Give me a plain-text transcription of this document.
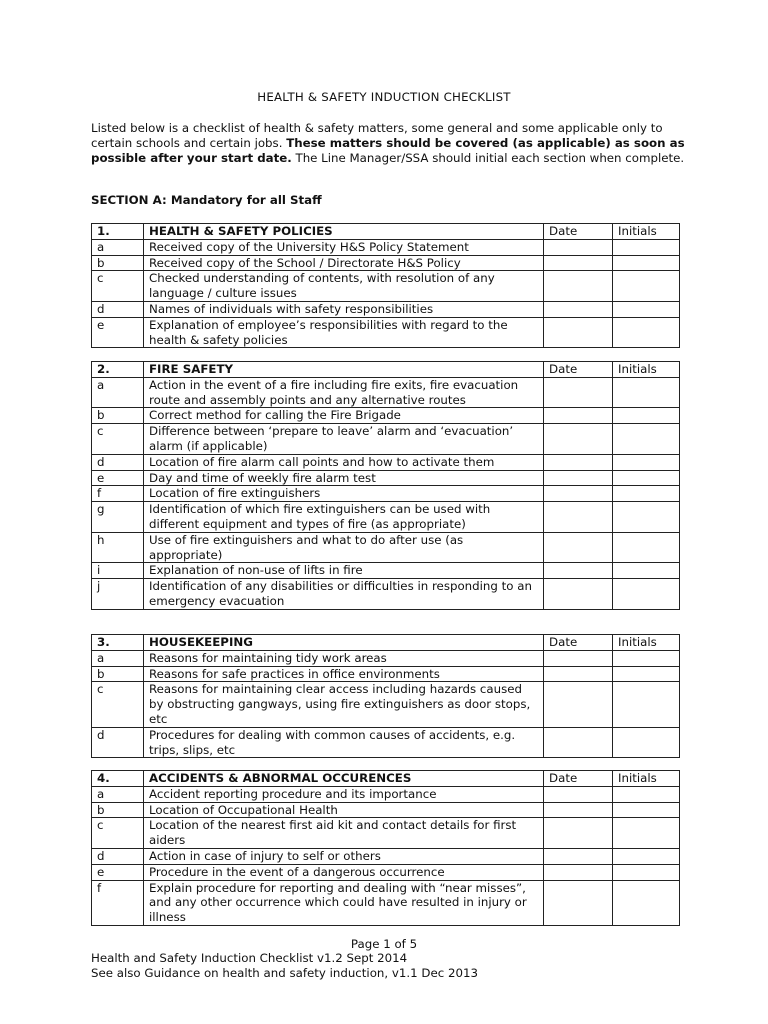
HEALTH & SAFETY INDUCTION CHECKLIST
Listed below is a checklist of health & safety matters, some general and some applicable only to certain schools and certain jobs. These matters should be covered (as applicable) as soon as possible after your start date. The Line Manager/SSA should initial each section when complete.
SECTION A: Mandatory for all Staff
1.	HEALTH & SAFETY POLICIES	Date	Initials
a	Received copy of the University H&S Policy Statement		
b	Received copy of the School / Directorate H&S Policy		
c	Checked understanding of contents, with resolution of any language / culture issues		
d	Names of individuals with safety responsibilities		
e	Explanation of employee’s responsibilities with regard to the health & safety policies		
2.	FIRE SAFETY	Date	Initials
a	Action in the event of a fire including fire exits, fire evacuation route and assembly points and any alternative routes		
b	Correct method for calling the Fire Brigade		
c	Difference between ‘prepare to leave’ alarm and ‘evacuation’ alarm (if applicable)		
d	Location of fire alarm call points and how to activate them		
e	Day and time of weekly fire alarm test		
f	Location of fire extinguishers		
g	Identification of which fire extinguishers can be used with different equipment and types of fire (as appropriate)		
h	Use of fire extinguishers and what to do after use (as appropriate)		
i	Explanation of non-use of lifts in fire		
j	Identification of any disabilities or difficulties in responding to an emergency evacuation		
3.	HOUSEKEEPING	Date	Initials
a	Reasons for maintaining tidy work areas		
b	Reasons for safe practices in office environments		
c	Reasons for maintaining clear access including hazards caused by obstructing gangways, using fire extinguishers as door stops, etc		
d	Procedures for dealing with common causes of accidents, e.g. trips, slips, etc		
4.	ACCIDENTS & ABNORMAL OCCURENCES	Date	Initials
a	Accident reporting procedure and its importance		
b	Location of Occupational Health		
c	Location of the nearest first aid kit and contact details for first aiders		
d	Action in case of injury to self or others		
e	Procedure in the event of a dangerous occurrence		
f	Explain procedure for reporting and dealing with “near misses”, and any other occurrence which could have resulted in injury or illness		
Page 1 of 5
Health and Safety Induction Checklist v1.2 Sept 2014
See also Guidance on health and safety induction, v1.1 Dec 2013
